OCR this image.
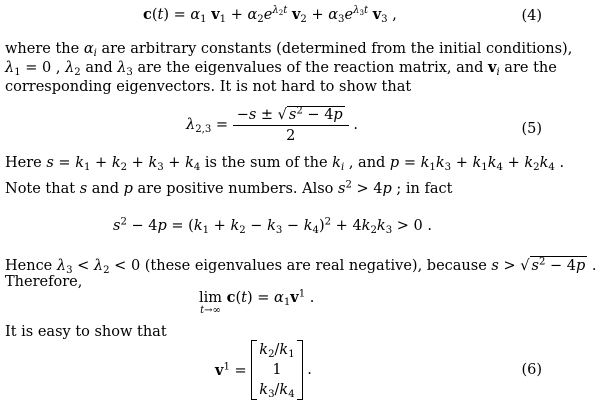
$c(t) = \alpha_1$ $v_1 + \alpha_2e^{\lambda_2t}$ $v_2 + \alpha_3e^{\lambda_3t}$ $v_3$ ,	(4)
where the $\alpha_i$ are arbitrary constants (determined from the initial conditions),
$\lambda_1 = 0$ , $\lambda_2$ and $\lambda_3$ are the eigenvalues of the reaction matrix, and $v_i$ are the
corresponding eigenvectors. It is not hard to show that
$\lambda_{2,3} = \frac{-s \pm √ s^2 - 4p}{2}$ .	(5)
Here $s = k_1 + k_2 + k_3 + k_4$ is the sum of the $k_i$ , and $p = k_1k_3 + k_1k_4 + k_2k_4$ .
Note that s and p are positive numbers. Also $s^2 > 4p$ ; in fact
$s^2 - 4p = (k_1 + k_2 - k_3 - k_4)^2 + 4k_2k_3 > 0$ .
Hence $\lambda_3 < \lambda_2 < 0$ (these eigenvalues are real negative), because s > √ $s^2 - 4p$ .
Therefore,
lim
t→∞
$c(t) = \alpha_1v^1$ .
It is easy to show that
$v^1$ =
$k_2/k_1$
1
$k_3/k_4$
.	(6)
